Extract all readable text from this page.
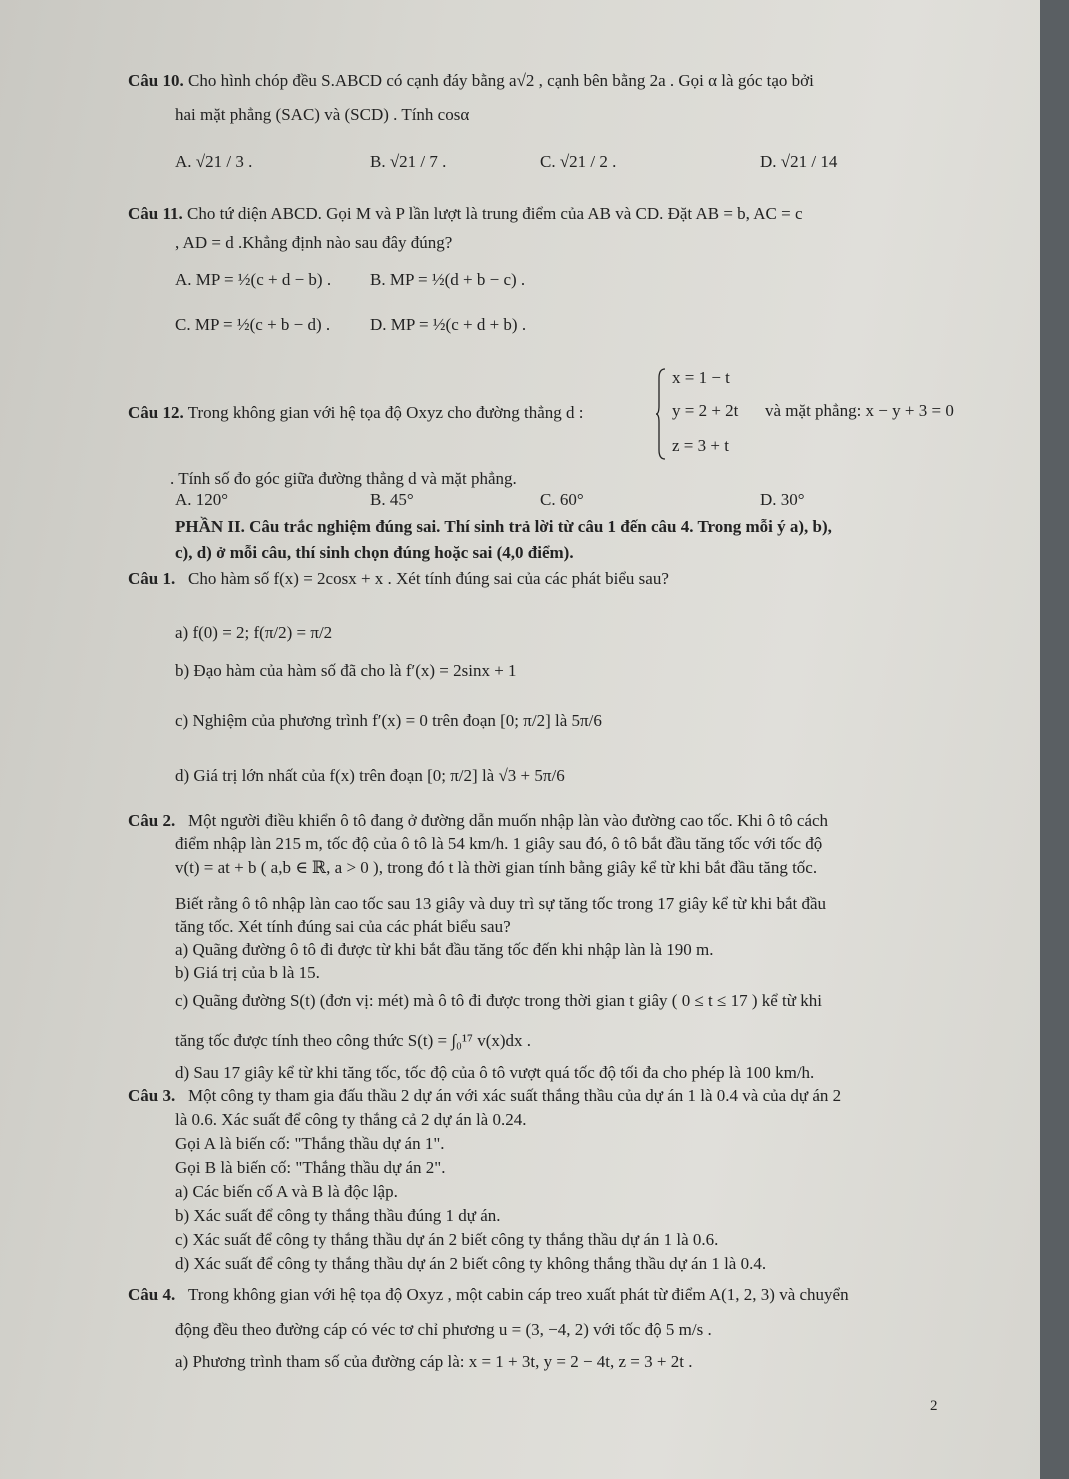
Câu 10. Cho hình chóp đều S.ABCD có cạnh đáy bằng a√2 , cạnh bên bằng 2a . Gọi α là góc tạo bởi
hai mặt phẳng (SAC) và (SCD) . Tính cosα
A. √21 / 3 .	B. √21 / 7 .	C. √21 / 2 .	D. √21 / 14
Câu 11. Cho tứ diện ABCD. Gọi M và P lần lượt là trung điểm của AB và CD. Đặt AB = b, AC = c
, AD = d .Khẳng định nào sau đây đúng?
A. MP = ½(c + d − b) . B. MP = ½(d + b − c) .
C. MP = ½(c + b − d) . D. MP = ½(c + d + b) .
Câu 12. Trong không gian với hệ tọa độ Oxyz cho đường thẳng d :
x = 1 − t
y = 2 + 2t
z = 3 + t
và mặt phẳng: x − y + 3 = 0
. Tính số đo góc giữa đường thẳng d và mặt phẳng.
A. 120°	B. 45°	C. 60°	D. 30°
PHẦN II. Câu trắc nghiệm đúng sai. Thí sinh trả lời từ câu 1 đến câu 4. Trong mỗi ý a), b),
c), d) ở mỗi câu, thí sinh chọn đúng hoặc sai (4,0 điểm).
Câu 1. Cho hàm số f(x) = 2cosx + x . Xét tính đúng sai của các phát biểu sau?
a) f(0) = 2; f(π/2) = π/2
b) Đạo hàm của hàm số đã cho là f′(x) = 2sinx + 1
c) Nghiệm của phương trình f′(x) = 0 trên đoạn [0; π/2] là 5π/6
d) Giá trị lớn nhất của f(x) trên đoạn [0; π/2] là √3 + 5π/6
Câu 2. Một người điều khiển ô tô đang ở đường dẫn muốn nhập làn vào đường cao tốc. Khi ô tô cách
điểm nhập làn 215 m, tốc độ của ô tô là 54 km/h. 1 giây sau đó, ô tô bắt đầu tăng tốc với tốc độ
v(t) = at + b ( a,b ∈ ℝ, a > 0 ), trong đó t là thời gian tính bằng giây kể từ khi bắt đầu tăng tốc.
Biết rằng ô tô nhập làn cao tốc sau 13 giây và duy trì sự tăng tốc trong 17 giây kể từ khi bắt đầu
tăng tốc. Xét tính đúng sai của các phát biểu sau?
a) Quãng đường ô tô đi được từ khi bắt đầu tăng tốc đến khi nhập làn là 190 m.
b) Giá trị của b là 15.
c) Quãng đường S(t) (đơn vị: mét) mà ô tô đi được trong thời gian t giây ( 0 ≤ t ≤ 17 ) kể từ khi
tăng tốc được tính theo công thức S(t) = ∫₀¹⁷ v(x)dx .
d) Sau 17 giây kể từ khi tăng tốc, tốc độ của ô tô vượt quá tốc độ tối đa cho phép là 100 km/h.
Câu 3. Một công ty tham gia đấu thầu 2 dự án với xác suất thắng thầu của dự án 1 là 0.4 và của dự án 2
là 0.6. Xác suất để công ty thắng cả 2 dự án là 0.24.
Gọi A là biến cố: "Thắng thầu dự án 1".
Gọi B là biến cố: "Thắng thầu dự án 2".
a) Các biến cố A và B là độc lập.
b) Xác suất để công ty thắng thầu đúng 1 dự án.
c) Xác suất để công ty thắng thầu dự án 2 biết công ty thắng thầu dự án 1 là 0.6.
d) Xác suất để công ty thắng thầu dự án 2 biết công ty không thắng thầu dự án 1 là 0.4.
Câu 4. Trong không gian với hệ tọa độ Oxyz , một cabin cáp treo xuất phát từ điểm A(1, 2, 3) và chuyển
động đều theo đường cáp có véc tơ chỉ phương u = (3, −4, 2) với tốc độ 5 m/s .
a) Phương trình tham số của đường cáp là: x = 1 + 3t, y = 2 − 4t, z = 3 + 2t .
2
